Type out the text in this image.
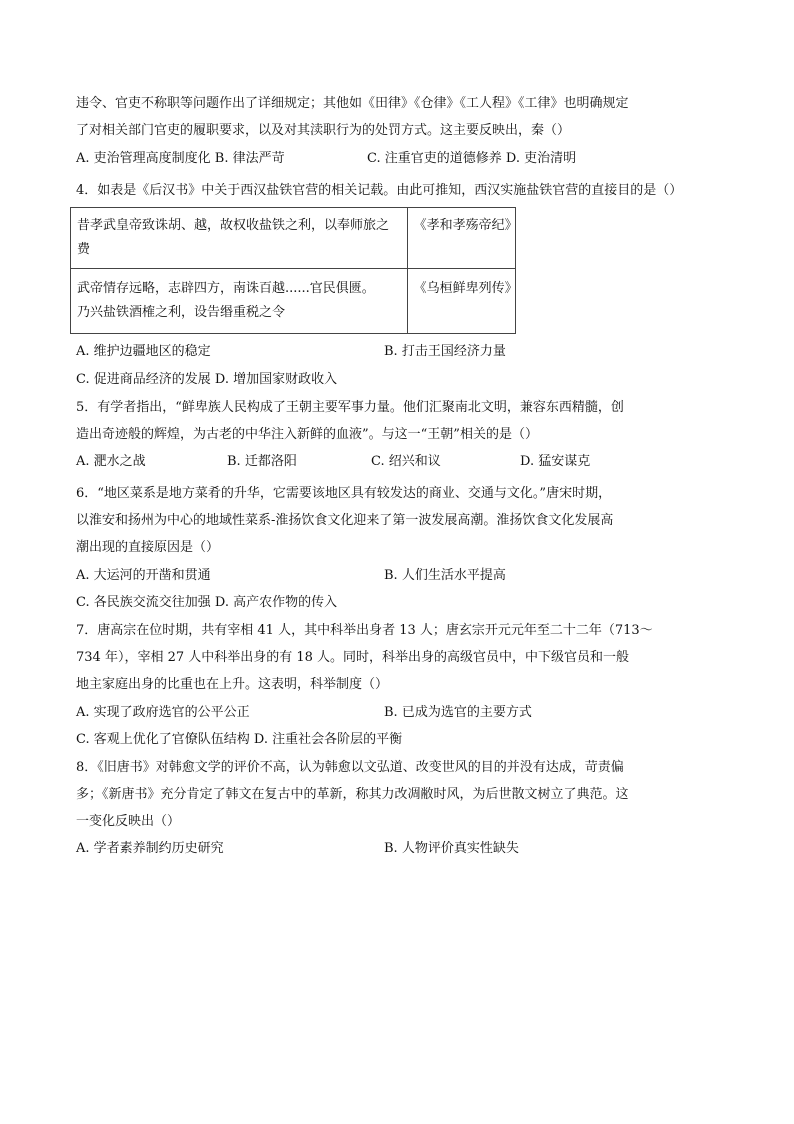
违令、官吏不称职等问题作出了详细规定；其他如《田律》《仓律》《工人程》《工律》也明确规定
了对相关部门官吏的履职要求，以及对其渎职行为的处罚方式。这主要反映出，秦（）
A. 吏治管理高度制度化 B. 律法严苛	C. 注重官吏的道德修养 D. 吏治清明
4．如表是《后汉书》中关于西汉盐铁官营的相关记载。由此可推知，西汉实施盐铁官营的直接目的是（）
昔孝武皇帝致诛胡、越，故权收盐铁之利，以奉师旅之
费	《孝和孝殇帝纪》

武帝情存远略，志辟四方，南诛百越......官民俱匮。
乃兴盐铁酒榷之利，设告缗重税之令	《乌桓鲜卑列传》
A. 维护边疆地区的稳定	B. 打击王国经济力量
C. 促进商品经济的发展 D. 增加国家财政收入
5．有学者指出，“鲜卑族人民构成了王朝主要军事力量。他们汇聚南北文明，兼容东西精髓，创
造出奇迹般的辉煌，为古老的中华注入新鲜的血液”。与这一“王朝”相关的是（）
A. 淝水之战	B. 迁都洛阳	C. 绍兴和议	D. 猛安谋克
6．“地区菜系是地方菜肴的升华，它需要该地区具有较发达的商业、交通与文化。”唐宋时期，
以淮安和扬州为中心的地域性菜系-淮扬饮食文化迎来了第一波发展高潮。淮扬饮食文化发展高
潮出现的直接原因是（）
A. 大运河的开凿和贯通	B. 人们生活水平提高
C. 各民族交流交往加强 D. 高产农作物的传入
7．唐高宗在位时期，共有宰相 41 人，其中科举出身者 13 人；唐玄宗开元元年至二十二年（713～
734 年），宰相 27 人中科举出身的有 18 人。同时，科举出身的高级官员中，中下级官员和一般
地主家庭出身的比重也在上升。这表明，科举制度（）
A. 实现了政府选官的公平公正	B. 已成为选官的主要方式
C. 客观上优化了官僚队伍结构 D. 注重社会各阶层的平衡
8．《旧唐书》对韩愈文学的评价不高，认为韩愈以文弘道、改变世风的目的并没有达成，苛责偏
多；《新唐书》充分肯定了韩文在复古中的革新，称其力改凋敝时风，为后世散文树立了典范。这
一变化反映出（）
A. 学者素养制约历史研究	B. 人物评价真实性缺失
